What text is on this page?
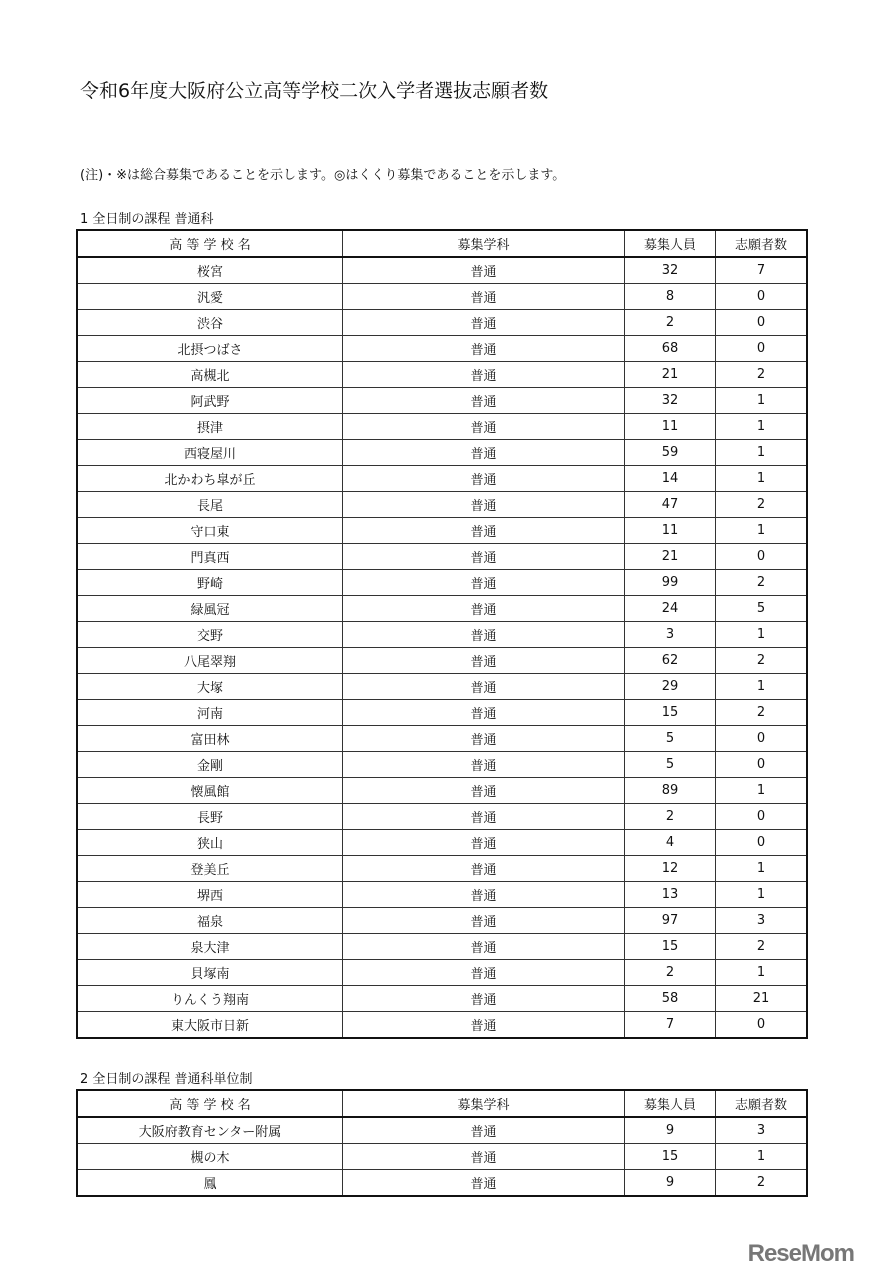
令和6年度大阪府公立高等学校二次入学者選抜志願者数
(注)・※は総合募集であることを示します。◎はくくり募集であることを示します。
1 全日制の課程 普通科
高 等 学 校 名	募集学科	募集人員	志願者数
桜宮	普通	32	7
汎愛	普通	8	0
渋谷	普通	2	0
北摂つばさ	普通	68	0
高槻北	普通	21	2
阿武野	普通	32	1
摂津	普通	11	1
西寝屋川	普通	59	1
北かわち皐が丘	普通	14	1
長尾	普通	47	2
守口東	普通	11	1
門真西	普通	21	0
野崎	普通	99	2
緑風冠	普通	24	5
交野	普通	3	1
八尾翠翔	普通	62	2
大塚	普通	29	1
河南	普通	15	2
富田林	普通	5	0
金剛	普通	5	0
懐風館	普通	89	1
長野	普通	2	0
狭山	普通	4	0
登美丘	普通	12	1
堺西	普通	13	1
福泉	普通	97	3
泉大津	普通	15	2
貝塚南	普通	2	1
りんくう翔南	普通	58	21
東大阪市日新	普通	7	0
2 全日制の課程 普通科単位制
高 等 学 校 名	募集学科	募集人員	志願者数
大阪府教育センター附属	普通	9	3
槻の木	普通	15	1
鳳	普通	9	2
ReseMom
